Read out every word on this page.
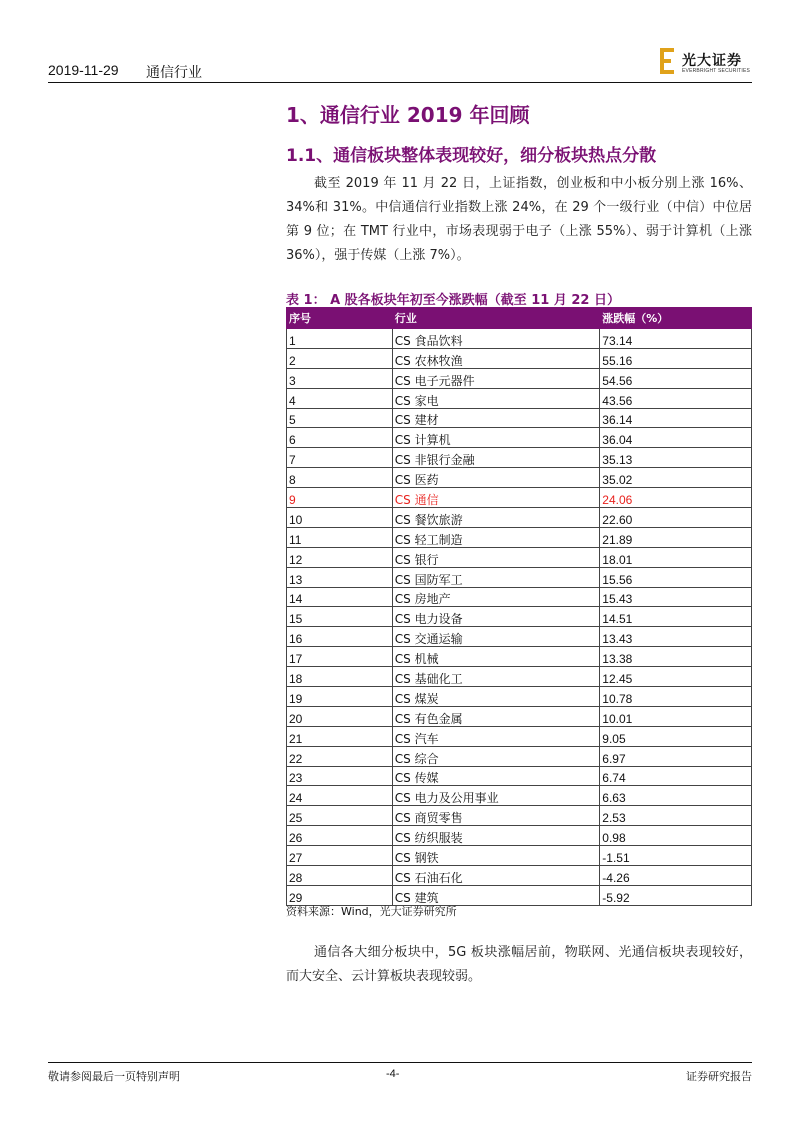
2019-11-29 通信行业
光大证券
EVERBRIGHT SECURITIES
1、通信行业 2019 年回顾
1.1、通信板块整体表现较好，细分板块热点分散

截至 2019 年 11 月 22 日，上证指数，创业板和中小板分别上涨 16%、34%和 31%。中信通信行业指数上涨 24%，在 29 个一级行业（中信）中位居第 9 位；在 TMT 行业中，市场表现弱于电子（上涨 55%）、弱于计算机（上涨 36%），强于传媒（上涨 7%）。

表 1： A 股各板块年初至今涨跌幅（截至 11 月 22 日）
序号	行业	涨跌幅（%）
1	CS 食品饮料	73.14
2	CS 农林牧渔	55.16
3	CS 电子元器件	54.56
4	CS 家电	43.56
5	CS 建材	36.14
6	CS 计算机	36.04
7	CS 非银行金融	35.13
8	CS 医药	35.02
9	CS 通信	24.06
10	CS 餐饮旅游	22.60
11	CS 轻工制造	21.89
12	CS 银行	18.01
13	CS 国防军工	15.56
14	CS 房地产	15.43
15	CS 电力设备	14.51
16	CS 交通运输	13.43
17	CS 机械	13.38
18	CS 基础化工	12.45
19	CS 煤炭	10.78
20	CS 有色金属	10.01
21	CS 汽车	9.05
22	CS 综合	6.97
23	CS 传媒	6.74
24	CS 电力及公用事业	6.63
25	CS 商贸零售	2.53
26	CS 纺织服装	0.98
27	CS 钢铁	-1.51
28	CS 石油石化	-4.26
29	CS 建筑	-5.92
资料来源：Wind，光大证券研究所

通信各大细分板块中，5G 板块涨幅居前，物联网、光通信板块表现较好，而大安全、云计算板块表现较弱。

敬请参阅最后一页特别声明	-4-	证券研究报告
